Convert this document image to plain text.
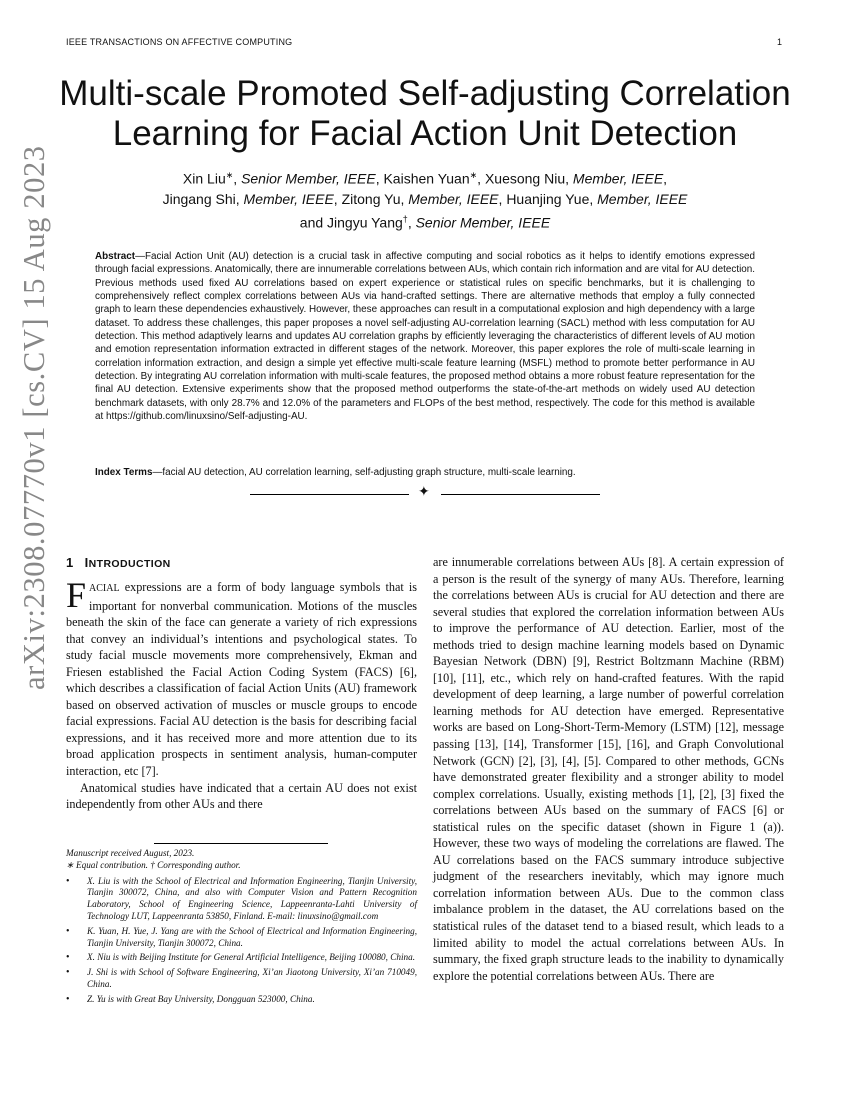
IEEE TRANSACTIONS ON AFFECTIVE COMPUTING	1
Multi-scale Promoted Self-adjusting Correlation
Learning for Facial Action Unit Detection
Xin Liu∗, Senior Member, IEEE, Kaishen Yuan∗, Xuesong Niu, Member, IEEE,
Jingang Shi, Member, IEEE, Zitong Yu, Member, IEEE, Huanjing Yue, Member, IEEE
and Jingyu Yang†, Senior Member, IEEE
Abstract—Facial Action Unit (AU) detection is a crucial task in affective computing and social robotics as it helps to identify emotions expressed through facial expressions. Anatomically, there are innumerable correlations between AUs, which contain rich information and are vital for AU detection. Previous methods used fixed AU correlations based on expert experience or statistical rules on specific benchmarks, but it is challenging to comprehensively reflect complex correlations between AUs via hand-crafted settings. There are alternative methods that employ a fully connected graph to learn these dependencies exhaustively. However, these approaches can result in a computational explosion and high dependency with a large dataset. To address these challenges, this paper proposes a novel self-adjusting AU-correlation learning (SACL) method with less computation for AU detection. This method adaptively learns and updates AU correlation graphs by efficiently leveraging the characteristics of different levels of AU motion and emotion representation information extracted in different stages of the network. Moreover, this paper explores the role of multi-scale learning in correlation information extraction, and design a simple yet effective multi-scale feature learning (MSFL) method to promote better performance in AU detection. By integrating AU correlation information with multi-scale features, the proposed method obtains a more robust feature representation for the final AU detection. Extensive experiments show that the proposed method outperforms the state-of-the-art methods on widely used AU detection benchmark datasets, with only 28.7% and 12.0% of the parameters and FLOPs of the best method, respectively. The code for this method is available at https://github.com/linuxsino/Self-adjusting-AU.
Index Terms—facial AU detection, AU correlation learning, self-adjusting graph structure, multi-scale learning.
✦
arXiv:2308.07770v1 [cs.CV] 15 Aug 2023 1 INTRODUCTION

FACIAL expressions are a form of body language symbols that is important for nonverbal communication. Motions of the muscles beneath the skin of the face can generate a variety of rich expressions that convey an individual’s intentions and psychological states. To study facial muscle movements more comprehensively, Ekman and Friesen established the Facial Action Coding System (FACS) [6], which describes a classification of facial Action Units (AU) framework based on observed activation of muscles or muscle groups to encode facial expressions. Facial AU detection is the basis for describing facial expressions, and it has received more and more attention due to its broad application prospects in sentiment analysis, human-computer interaction, etc [7].

Anatomical studies have indicated that a certain AU does not exist independently from other AUs and there

Manuscript received August, 2023.

∗ Equal contribution. † Corresponding author.

• X. Liu is with the School of Electrical and Information Engineering, Tianjin University, Tianjin 300072, China, and also with Computer Vision and Pattern Recognition Laboratory, School of Engineering Science, Lappeenranta-Lahti University of Technology LUT, Lappeenranta 53850, Finland. E-mail: linuxsino@gmail.com
• K. Yuan, H. Yue, J. Yang are with the School of Electrical and Information Engineering, Tianjin University, Tianjin 300072, China.
• X. Niu is with Beijing Institute for General Artificial Intelligence, Beijing 100080, China.
• J. Shi is with School of Software Engineering, Xi’an Jiaotong University, Xi’an 710049, China.
• Z. Yu is with Great Bay University, Dongguan 523000, China.

are innumerable correlations between AUs [8]. A certain expression of a person is the result of the synergy of many AUs. Therefore, learning the correlations between AUs is crucial for AU detection and there are several studies that explored the correlation information between AUs to improve the performance of AU detection. Earlier, most of the methods tried to design machine learning models based on Dynamic Bayesian Network (DBN) [9], Restrict Boltzmann Machine (RBM) [10], [11], etc., which rely on hand-crafted features. With the rapid development of deep learning, a large number of powerful correlation learning methods for AU detection have emerged. Representative works are based on Long-Short-Term-Memory (LSTM) [12], message passing [13], [14], Transformer [15], [16], and Graph Convolutional Network (GCN) [2], [3], [4], [5]. Compared to other methods, GCNs have demonstrated greater flexibility and a stronger ability to model complex correlations. Usually, existing methods [1], [2], [3] fixed the correlations between AUs based on the summary of FACS [6] or statistical rules on the specific dataset (shown in Figure 1 (a)). However, these two ways of modeling the correlations are flawed. The AU correlations based on the FACS summary introduce subjective judgment of the researchers inevitably, which may ignore much correlation information between AUs. Due to the common class imbalance problem in the dataset, the AU correlations based on the statistical rules of the dataset tend to a biased result, which leads to a limited ability to model the actual correlations between AUs. In summary, the fixed graph structure leads to the inability to dynamically explore the potential correlations between AUs. There are
